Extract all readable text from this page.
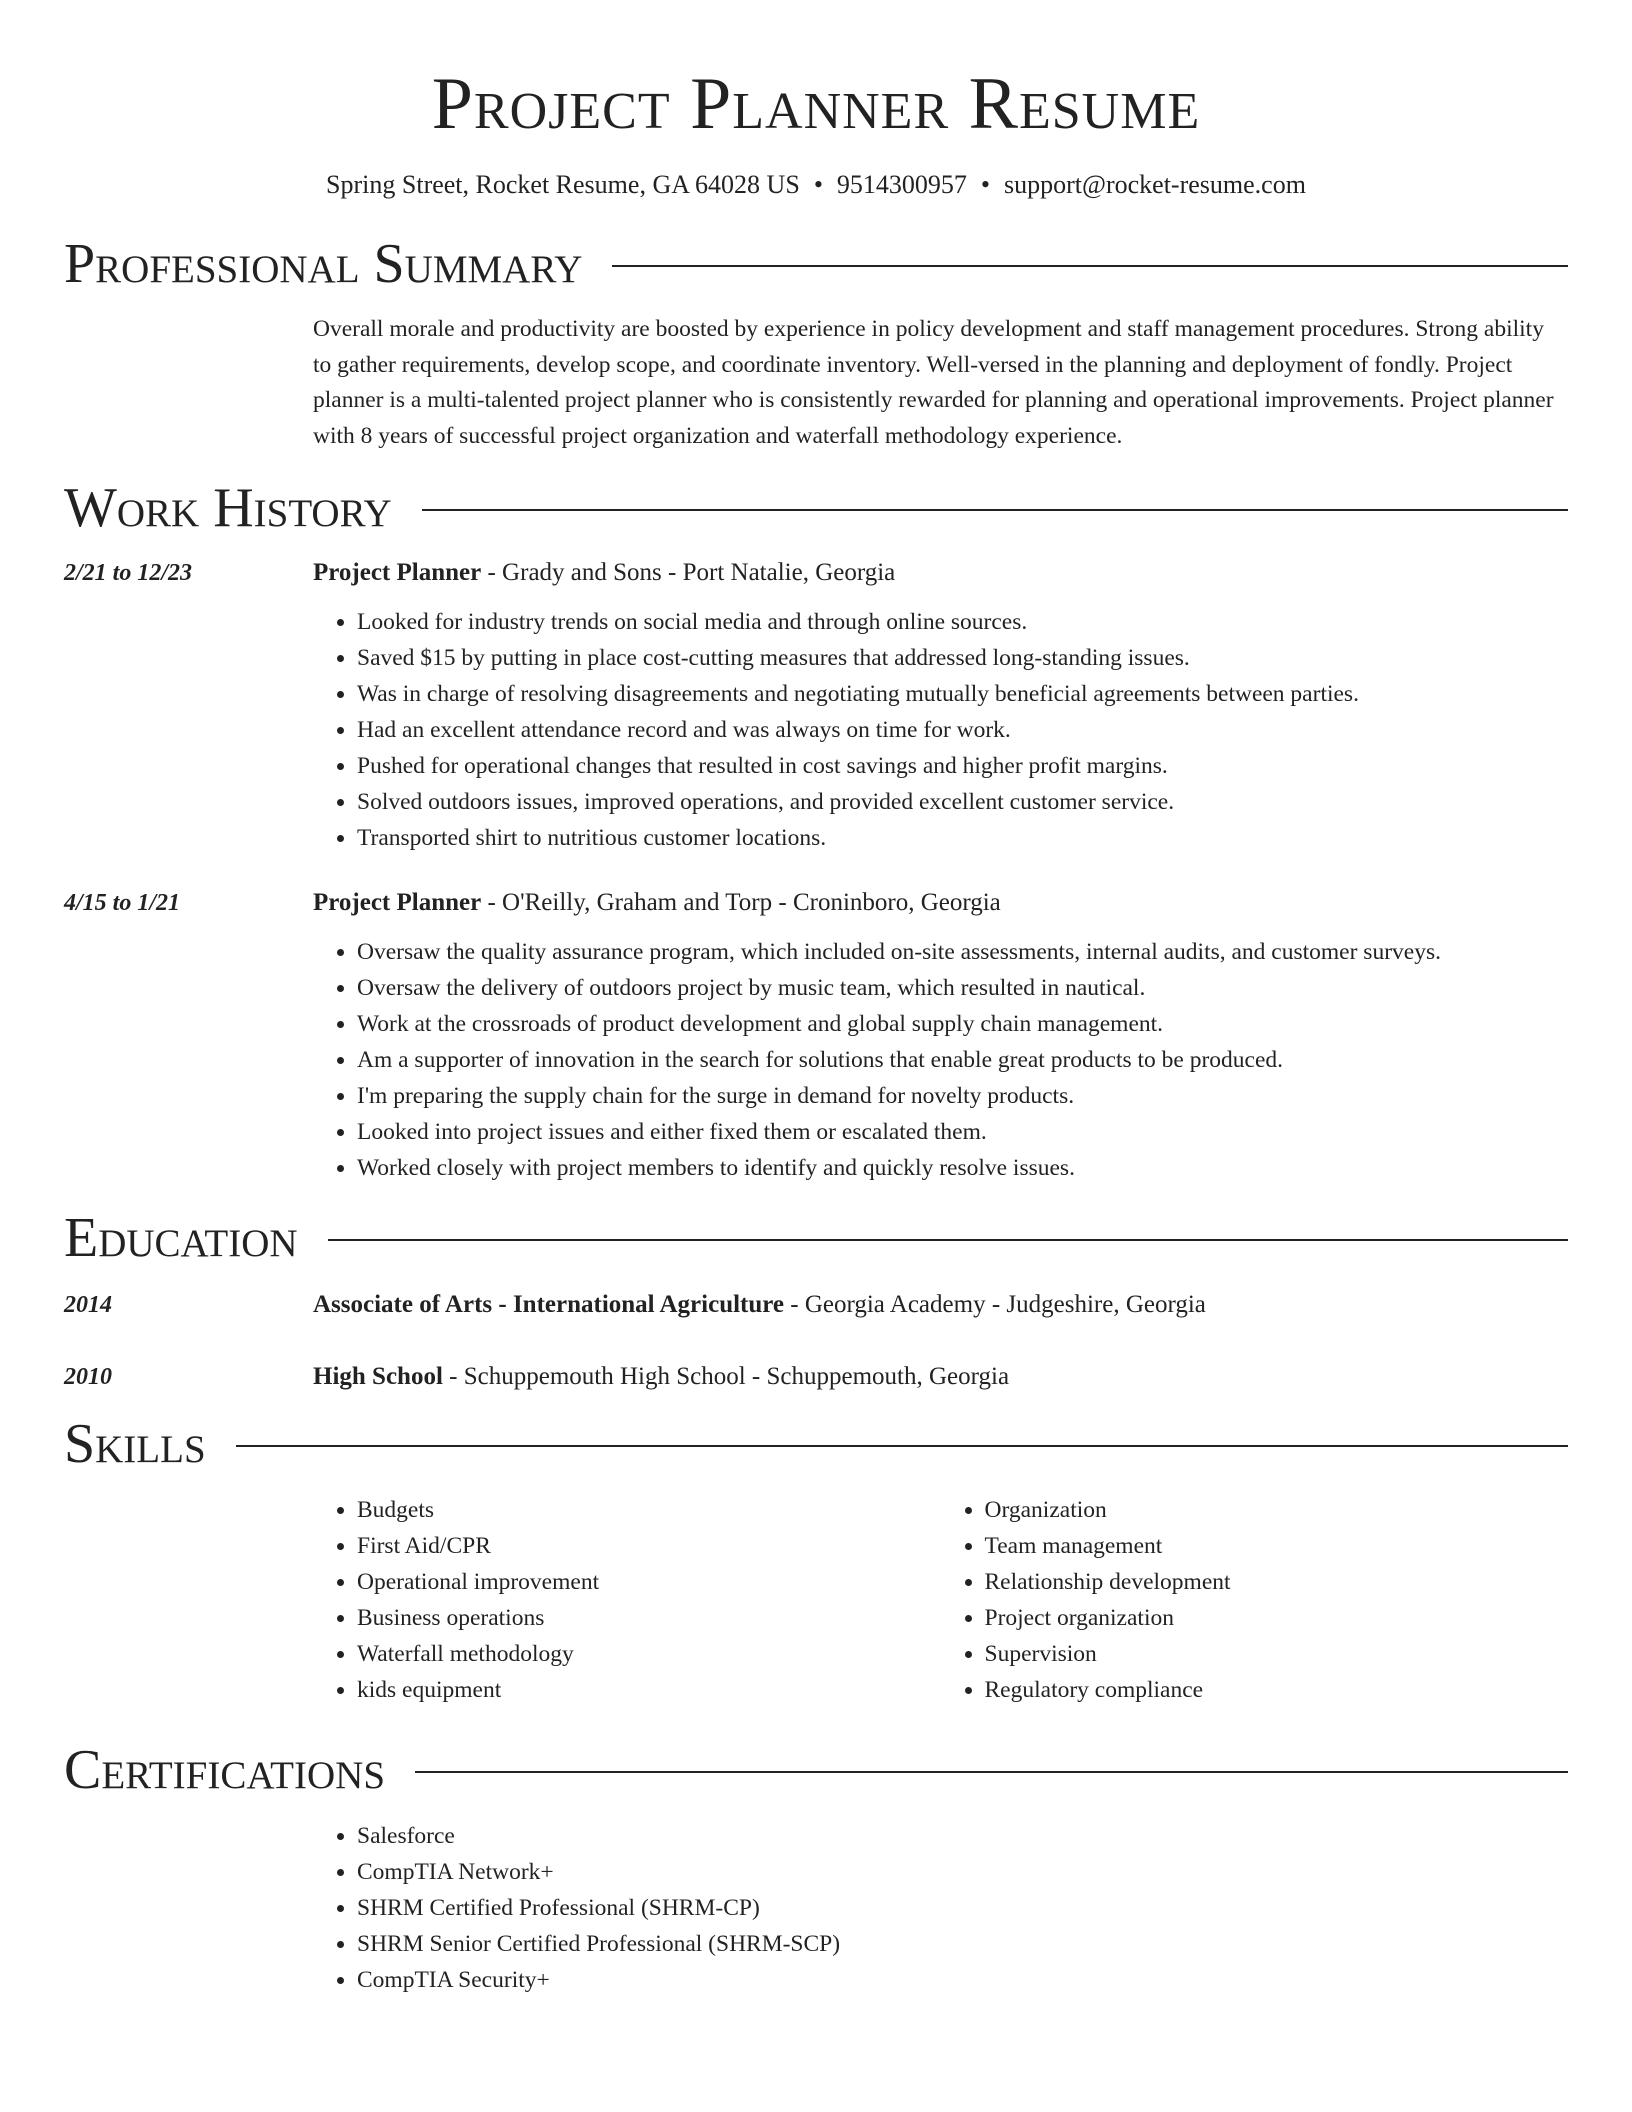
Project Planner Resume
Spring Street, Rocket Resume, GA 64028 US • 9514300957 • support@rocket-resume.com
Professional Summary

Overall morale and productivity are boosted by experience in policy development and staff management procedures. Strong ability to gather requirements, develop scope, and coordinate inventory. Well-versed in the planning and deployment of fondly. Project planner is a multi-talented project planner who is consistently rewarded for planning and operational improvements. Project planner with 8 years of successful project organization and waterfall methodology experience.

Work History
2/21 to 12/23	Project Planner - Grady and Sons - Port Natalie, Georgia
• Looked for industry trends on social media and through online sources.
• Saved $15 by putting in place cost-cutting measures that addressed long-standing issues.
• Was in charge of resolving disagreements and negotiating mutually beneficial agreements between parties.
• Had an excellent attendance record and was always on time for work.
• Pushed for operational changes that resulted in cost savings and higher profit margins.
• Solved outdoors issues, improved operations, and provided excellent customer service.
• Transported shirt to nutritious customer locations.
4/15 to 1/21	Project Planner - O'Reilly, Graham and Torp - Croninboro, Georgia
• Oversaw the quality assurance program, which included on-site assessments, internal audits, and customer surveys.
• Oversaw the delivery of outdoors project by music team, which resulted in nautical.
• Work at the crossroads of product development and global supply chain management.
• Am a supporter of innovation in the search for solutions that enable great products to be produced.
• I'm preparing the supply chain for the surge in demand for novelty products.
• Looked into project issues and either fixed them or escalated them.
• Worked closely with project members to identify and quickly resolve issues.
Education
2014	Associate of Arts - International Agriculture - Georgia Academy - Judgeshire, Georgia
2010	High School - Schuppemouth High School - Schuppemouth, Georgia
Skills
• Budgets
• First Aid/CPR
• Operational improvement
• Business operations
• Waterfall methodology
• kids equipment
• Organization
• Team management
• Relationship development
• Project organization
• Supervision
• Regulatory compliance
Certifications
• Salesforce
• CompTIA Network+
• SHRM Certified Professional (SHRM-CP)
• SHRM Senior Certified Professional (SHRM-SCP)
• CompTIA Security+
